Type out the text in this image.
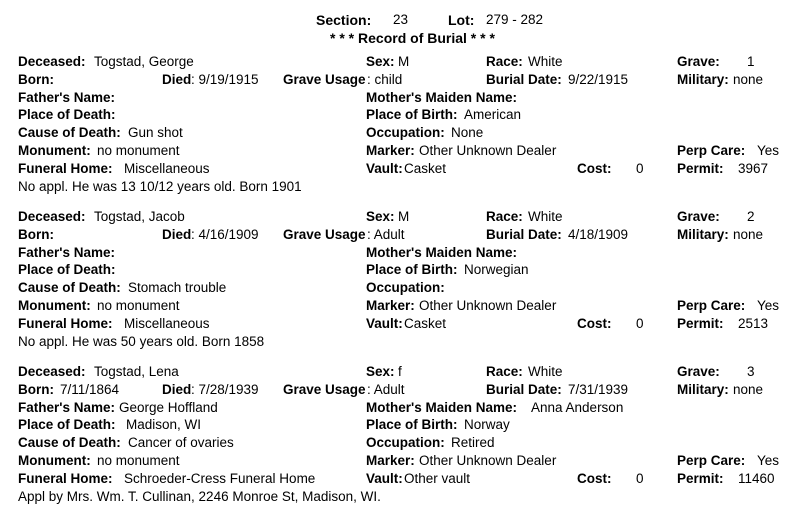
Section: 23	Lot: 279 - 282
* * * Record of Burial * * *
Deceased: Togstad, George	Sex: M	Race: White	Grave: 1
Born:	Died : 9/19/1915 Grave Usage : child	Burial Date: 9/22/1915	Military: none
Father's Name:	Mother's Maiden Name:
Place of Death:	Place of Birth: American
Cause of Death: Gun shot	Occupation: None
Monument: no monument	Marker: Other Unknown Dealer	Perp Care: Yes
Funeral Home: Miscellaneous	Vault: Casket	Cost: 0 Permit: 3967
No appl. He was 13 10/12 years old. Born 1901
Deceased: Togstad, Jacob	Sex: M	Race: White	Grave: 2
Born:	Died : 4/16/1909 Grave Usage : Adult	Burial Date: 4/18/1909	Military: none
Father's Name:	Mother's Maiden Name:
Place of Death:	Place of Birth: Norwegian
Cause of Death: Stomach trouble	Occupation:
Monument: no monument	Marker: Other Unknown Dealer	Perp Care: Yes
Funeral Home: Miscellaneous	Vault: Casket	Cost: 0 Permit: 2513
No appl. He was 50 years old. Born 1858
Deceased: Togstad, Lena	Sex: f	Race: White	Grave: 3
Born: 7/11/1864	Died : 7/28/1939 Grave Usage : Adult	Burial Date: 7/31/1939	Military: none
Father's Name: George Hoffland	Mother's Maiden Name: Anna Anderson
Place of Death: Madison, WI	Place of Birth: Norway
Cause of Death: Cancer of ovaries	Occupation: Retired
Monument: no monument	Marker: Other Unknown Dealer	Perp Care: Yes
Funeral Home: Schroeder-Cress Funeral Home	Vault: Other vault	Cost: 0 Permit: 11460
Appl by Mrs. Wm. T. Cullinan, 2246 Monroe St, Madison, WI.
